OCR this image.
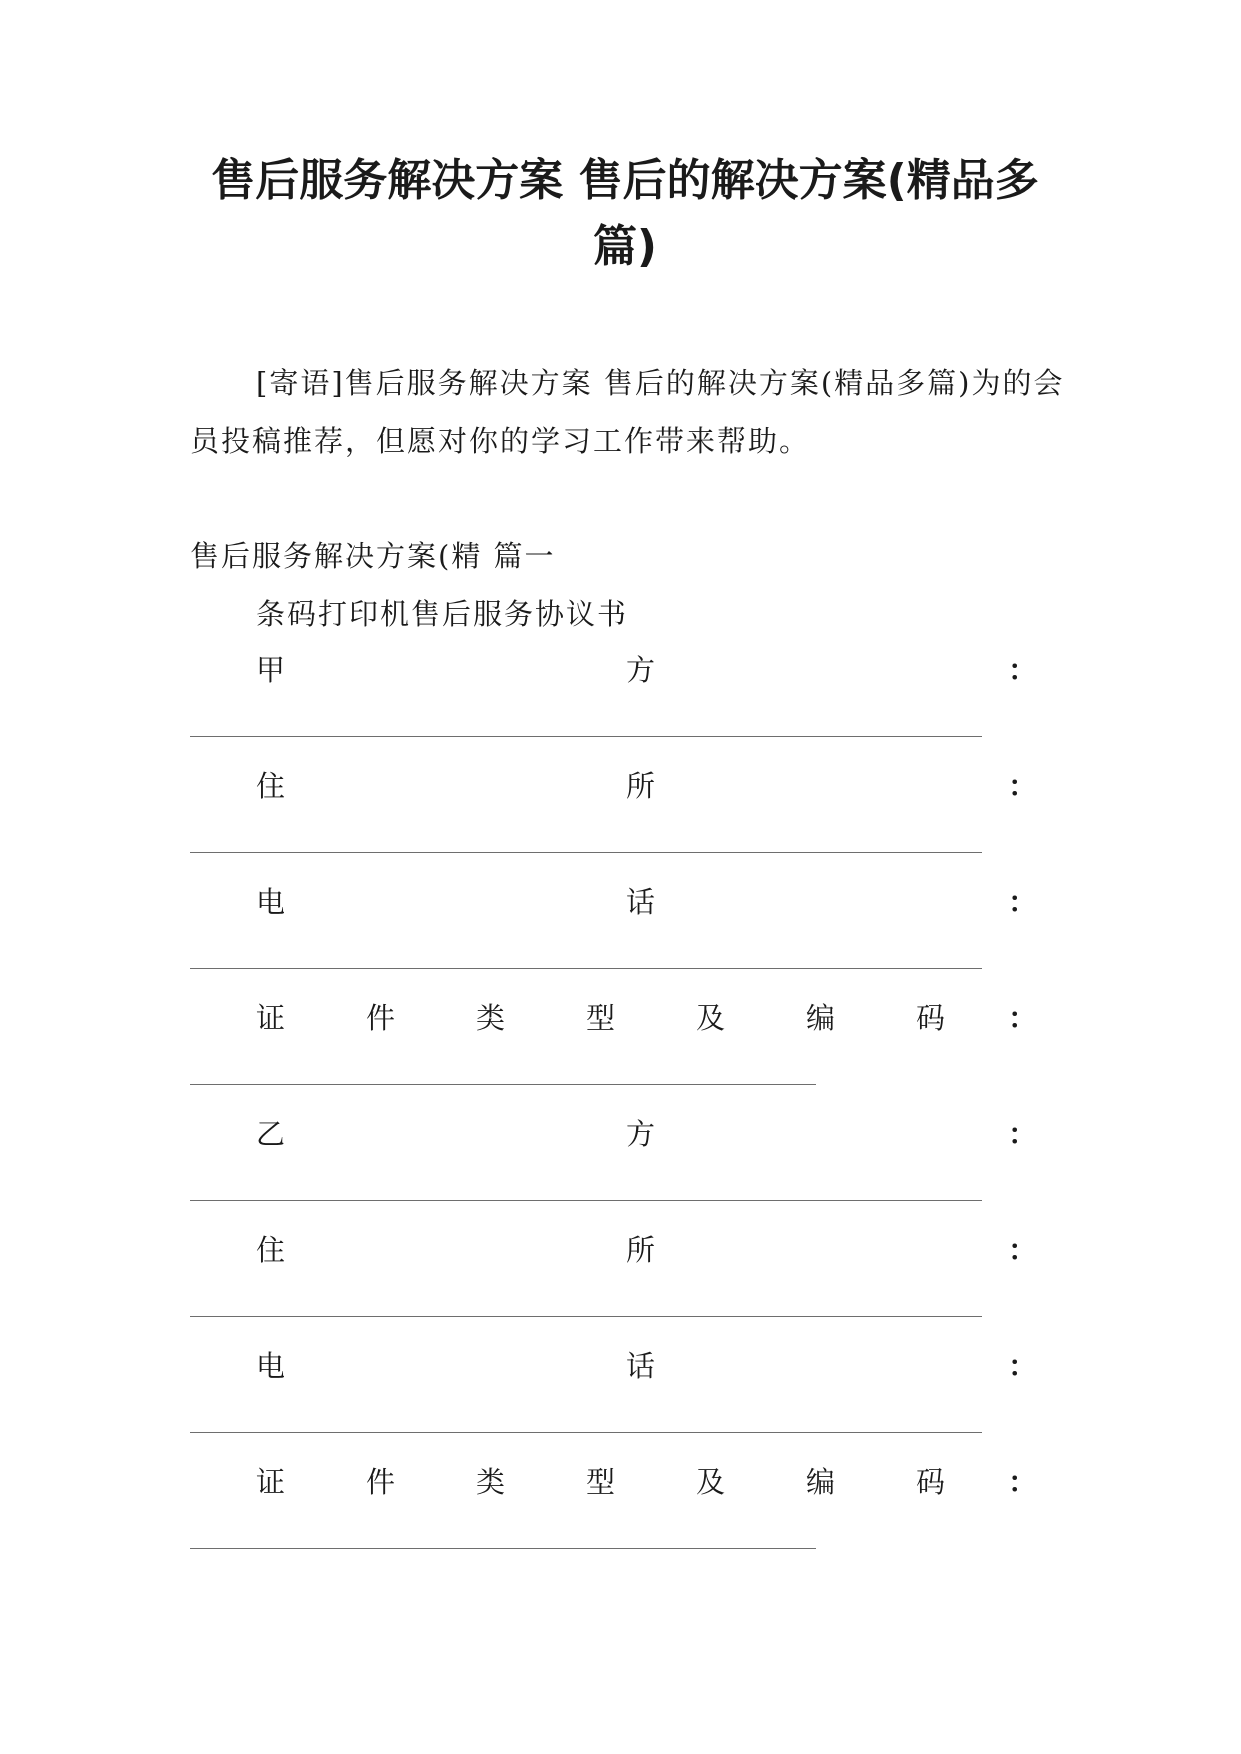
售后服务解决方案 售后的解决方案(精品多篇)
[寄语]售后服务解决方案 售后的解决方案(精品多篇)为的会员投稿推荐，但愿对你的学习工作带来帮助。
售后服务解决方案(精 篇一
条码打印机售后服务协议书
甲	方	：
住	所	：
电	话	：
证	件	类	型	及	编	码 ：
乙	方	：
住	所	：
电	话	：
证	件	类	型	及	编	码 ：
